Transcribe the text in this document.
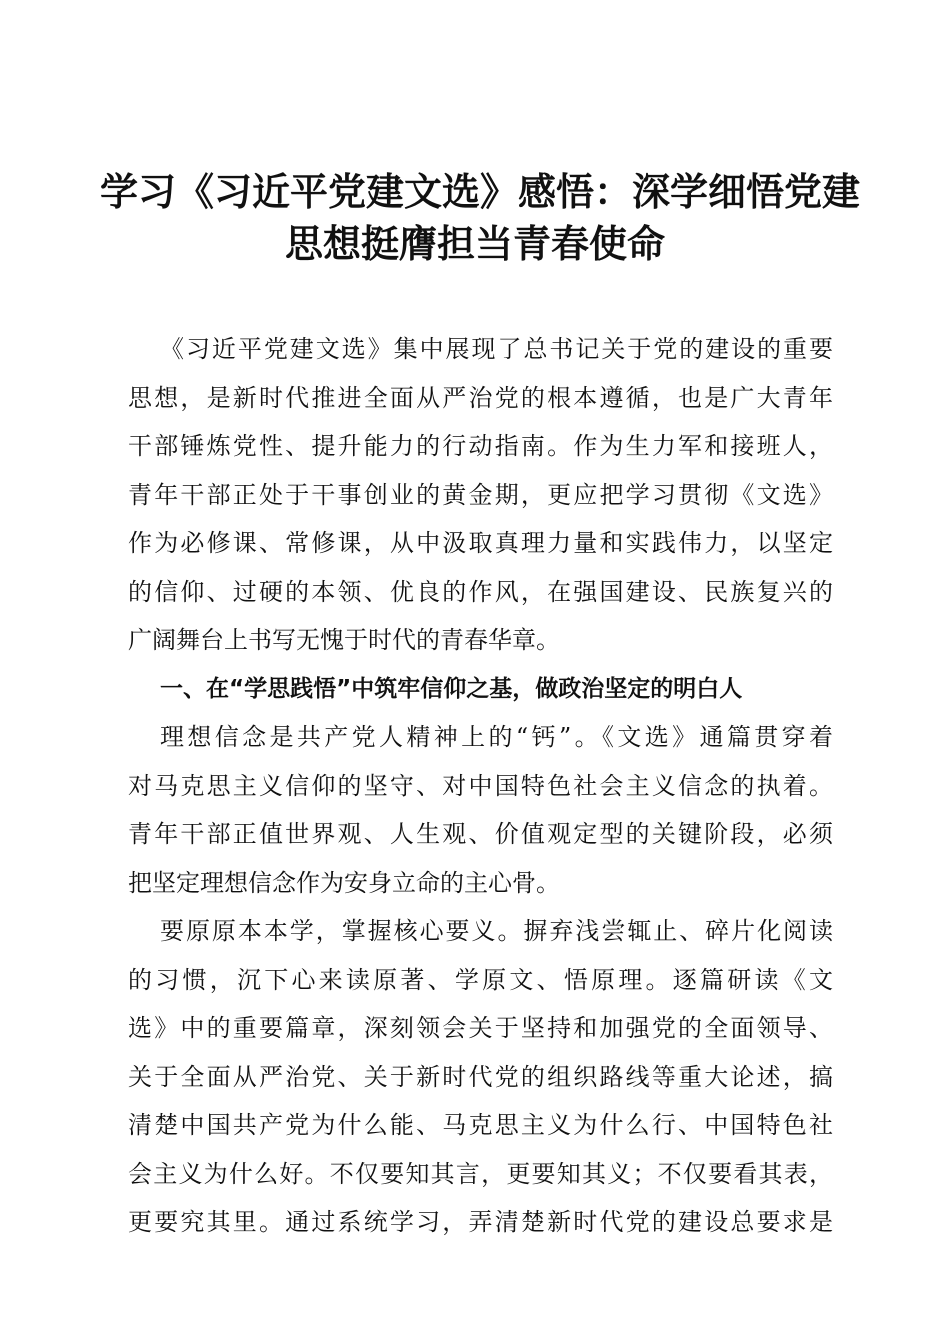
学习《习近平党建文选》感悟：深学细悟党建
思想挺膺担当青春使命
《习近平党建文选》集中展现了总书记关于党的建设的重要
思想，是新时代推进全面从严治党的根本遵循，也是广大青年
干部锤炼党性、提升能力的行动指南。作为生力军和接班人，
青年干部正处于干事创业的黄金期，更应把学习贯彻《文选》
作为必修课、常修课，从中汲取真理力量和实践伟力，以坚定
的信仰、过硬的本领、优良的作风，在强国建设、民族复兴的
广阔舞台上书写无愧于时代的青春华章。
一、在“学思践悟”中筑牢信仰之基，做政治坚定的明白人
理想信念是共产党人精神上的“钙”。《文选》通篇贯穿着
对马克思主义信仰的坚守、对中国特色社会主义信念的执着。
青年干部正值世界观、人生观、价值观定型的关键阶段，必须
把坚定理想信念作为安身立命的主心骨。
要原原本本学，掌握核心要义。摒弃浅尝辄止、碎片化阅读
的习惯，沉下心来读原著、学原文、悟原理。逐篇研读《文
选》中的重要篇章，深刻领会关于坚持和加强党的全面领导、
关于全面从严治党、关于新时代党的组织路线等重大论述，搞
清楚中国共产党为什么能、马克思主义为什么行、中国特色社
会主义为什么好。不仅要知其言，更要知其义；不仅要看其表，
更要究其里。通过系统学习，弄清楚新时代党的建设总要求是
